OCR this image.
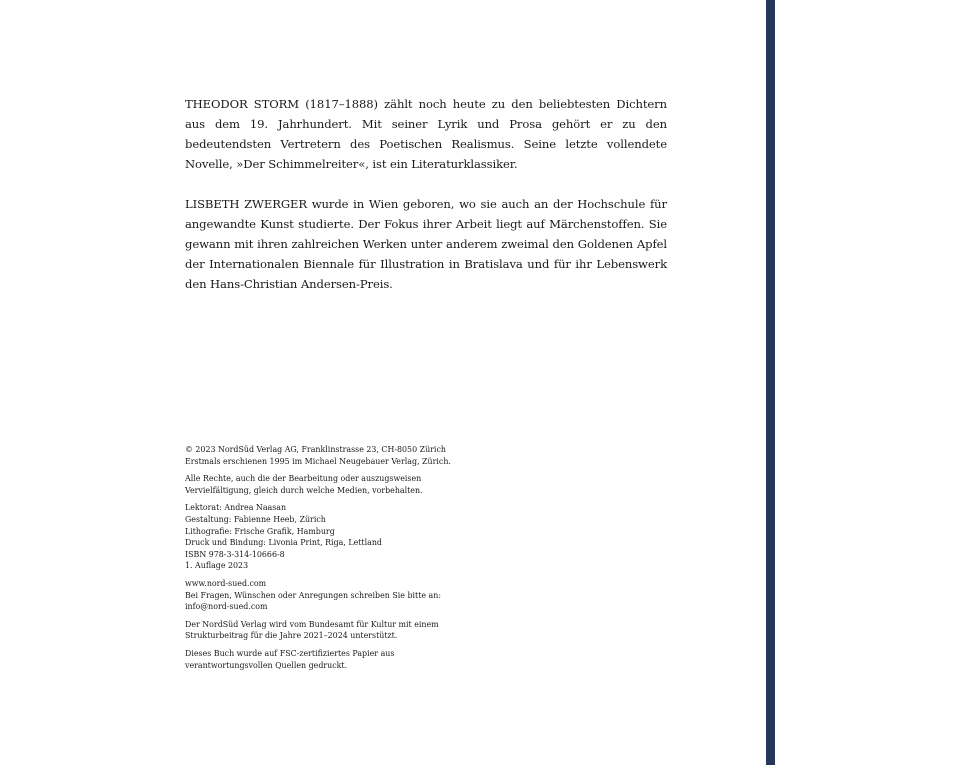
THEODOR STORM (1817–1888) zählt noch heute zu den beliebtesten Dichtern aus dem 19. Jahrhundert. Mit seiner Lyrik und Prosa gehört er zu den bedeutendsten Vertretern des Poetischen Realismus. Seine letzte vollendete Novelle, »Der Schimmelreiter«, ist ein Literaturklassiker.

LISBETH ZWERGER wurde in Wien geboren, wo sie auch an der Hochschule für angewandte Kunst studierte. Der Fokus ihrer Arbeit liegt auf Märchenstoffen. Sie gewann mit ihren zahlreichen Werken unter anderem zweimal den Goldenen Apfel der Internationalen Biennale für Illustration in Bratislava und für ihr Lebenswerk den Hans-Christian Andersen-Preis.

© 2023 NordSüd Verlag AG, Franklinstrasse 23, CH-8050 Zürich
Erstmals erschienen 1995 im Michael Neugebauer Verlag, Zürich.
Alle Rechte, auch die der Bearbeitung oder auszugsweisen
Vervielfältigung, gleich durch welche Medien, vorbehalten.
Lektorat: Andrea Naasan
Gestaltung: Fabienne Heeb, Zürich
Lithografie: Frische Grafik, Hamburg
Druck und Bindung: Livonia Print, Riga, Lettland
ISBN 978-3-314-10666-8
1. Auflage 2023
www.nord-sued.com
Bei Fragen, Wünschen oder Anregungen schreiben Sie bitte an:
info@nord-sued.com
Der NordSüd Verlag wird vom Bundesamt für Kultur mit einem
Strukturbeitrag für die Jahre 2021–2024 unterstützt.
Dieses Buch wurde auf FSC-zertifiziertes Papier aus
verantwortungsvollen Quellen gedruckt.
